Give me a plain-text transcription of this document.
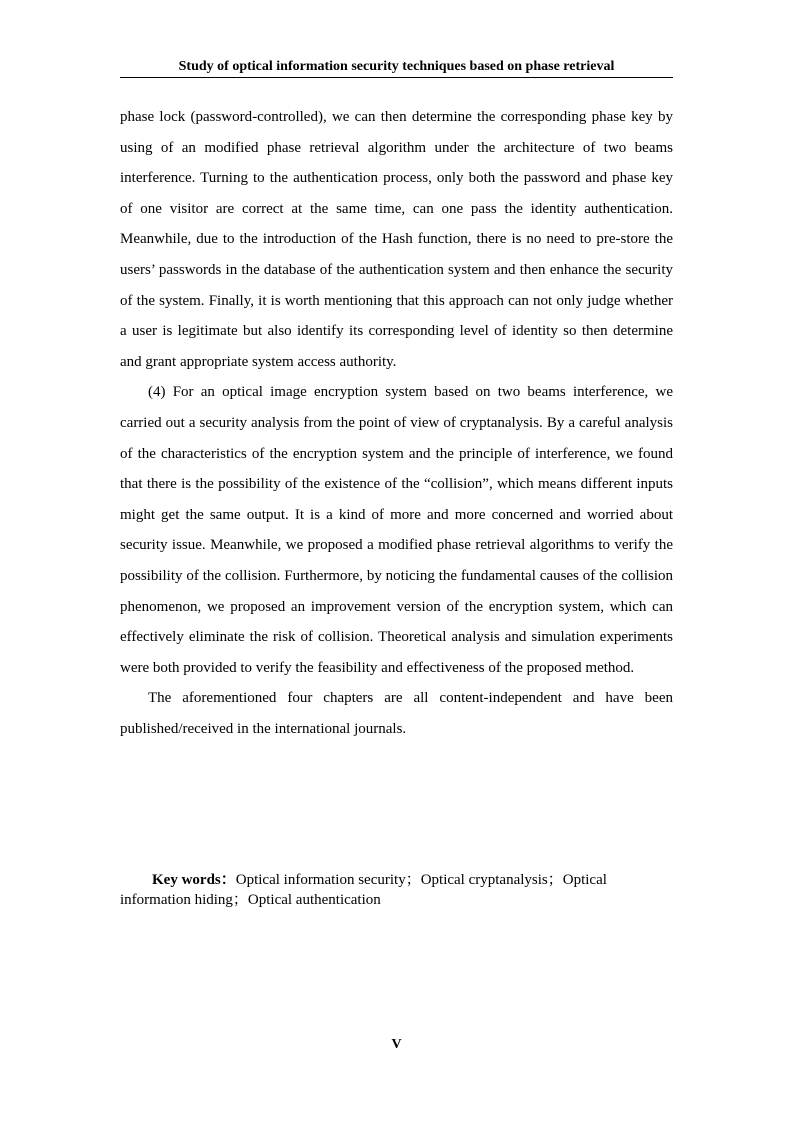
Study of optical information security techniques based on phase retrieval

phase lock (password-controlled), we can then determine the corresponding phase key by using of an modified phase retrieval algorithm under the architecture of two beams interference. Turning to the authentication process, only both the password and phase key of one visitor are correct at the same time, can one pass the identity authentication. Meanwhile, due to the introduction of the Hash function, there is no need to pre-store the users’ passwords in the database of the authentication system and then enhance the security of the system. Finally, it is worth mentioning that this approach can not only judge whether a user is legitimate but also identify its corresponding level of identity so then determine and grant appropriate system access authority.

(4) For an optical image encryption system based on two beams interference, we carried out a security analysis from the point of view of cryptanalysis. By a careful analysis of the characteristics of the encryption system and the principle of interference, we found that there is the possibility of the existence of the “collision”, which means different inputs might get the same output. It is a kind of more and more concerned and worried about security issue. Meanwhile, we proposed a modified phase retrieval algorithms to verify the possibility of the collision. Furthermore, by noticing the fundamental causes of the collision phenomenon, we proposed an improvement version of the encryption system, which can effectively eliminate the risk of collision. Theoretical analysis and simulation experiments were both provided to verify the feasibility and effectiveness of the proposed method.

The aforementioned four chapters are all content-independent and have been published/received in the international journals.

Key words：Optical information security；Optical cryptanalysis；Optical information hiding；Optical authentication
V
